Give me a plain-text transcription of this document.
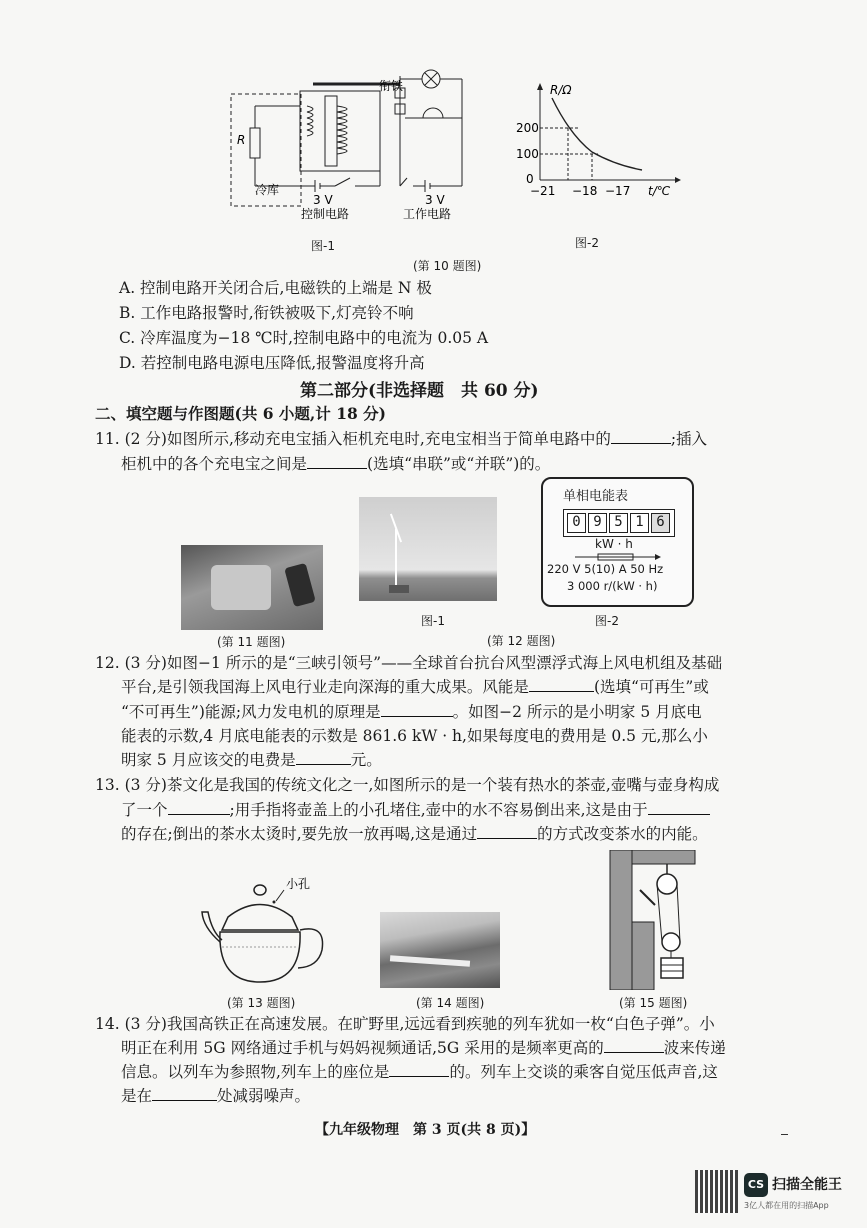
衔铁
R
冷库
3 V
控制电路
3 V
工作电路
图-1
R/Ω
200
100
0
−21 −18 −17 t/℃
图-2
(第 10 题图)
A. 控制电路开关闭合后,电磁铁的上端是 N 极
B. 工作电路报警时,衔铁被吸下,灯亮铃不响
C. 冷库温度为−18 ℃时,控制电路中的电流为 0.05 A
D. 若控制电路电源电压降低,报警温度将升高
第二部分(非选择题　共 60 分)
二、填空题与作图题(共 6 小题,计 18 分)
11. (2 分)如图所示,移动充电宝插入柜机充电时,充电宝相当于简单电路中的	;插入
柜机中的各个充电宝之间是	(选填“串联”或“并联”)的。
(第 11 题图)
图-1
单相电能表
0 9 5 1 6
kW · h
220 V 5(10) A 50 Hz
3 000 r/(kW · h)
(第 12 题图)
图-2
12. (3 分)如图−1 所示的是“三峡引领号”——全球首台抗台风型漂浮式海上风电机组及基础
平台,是引领我国海上风电行业走向深海的重大成果。风能是	(选填“可再生”或
“不可再生”)能源;风力发电机的原理是	。如图−2 所示的是小明家 5 月底电
能表的示数,4 月底电能表的示数是 861.6 kW · h,如果每度电的费用是 0.5 元,那么小
明家 5 月应该交的电费是	元。
13. (3 分)茶文化是我国的传统文化之一,如图所示的是一个装有热水的茶壶,壶嘴与壶身构成
了一个	;用手指将壶盖上的小孔堵住,壶中的水不容易倒出来,这是由于
的存在;倒出的茶水太烫时,要先放一放再喝,这是通过	的方式改变茶水的内能。
小孔
(第 13 题图)	(第 14 题图)	(第 15 题图)
14. (3 分)我国高铁正在高速发展。在旷野里,远远看到疾驰的列车犹如一枚“白色子弹”。小
明正在利用 5G 网络通过手机与妈妈视频通话,5G 采用的是频率更高的	波来传递
信息。以列车为参照物,列车上的座位是	的。列车上交谈的乘客自觉压低声音,这
是在	处减弱噪声。
【九年级物理　第 3 页(共 8 页)】
CS 扫描全能王
3亿人都在用的扫描App
